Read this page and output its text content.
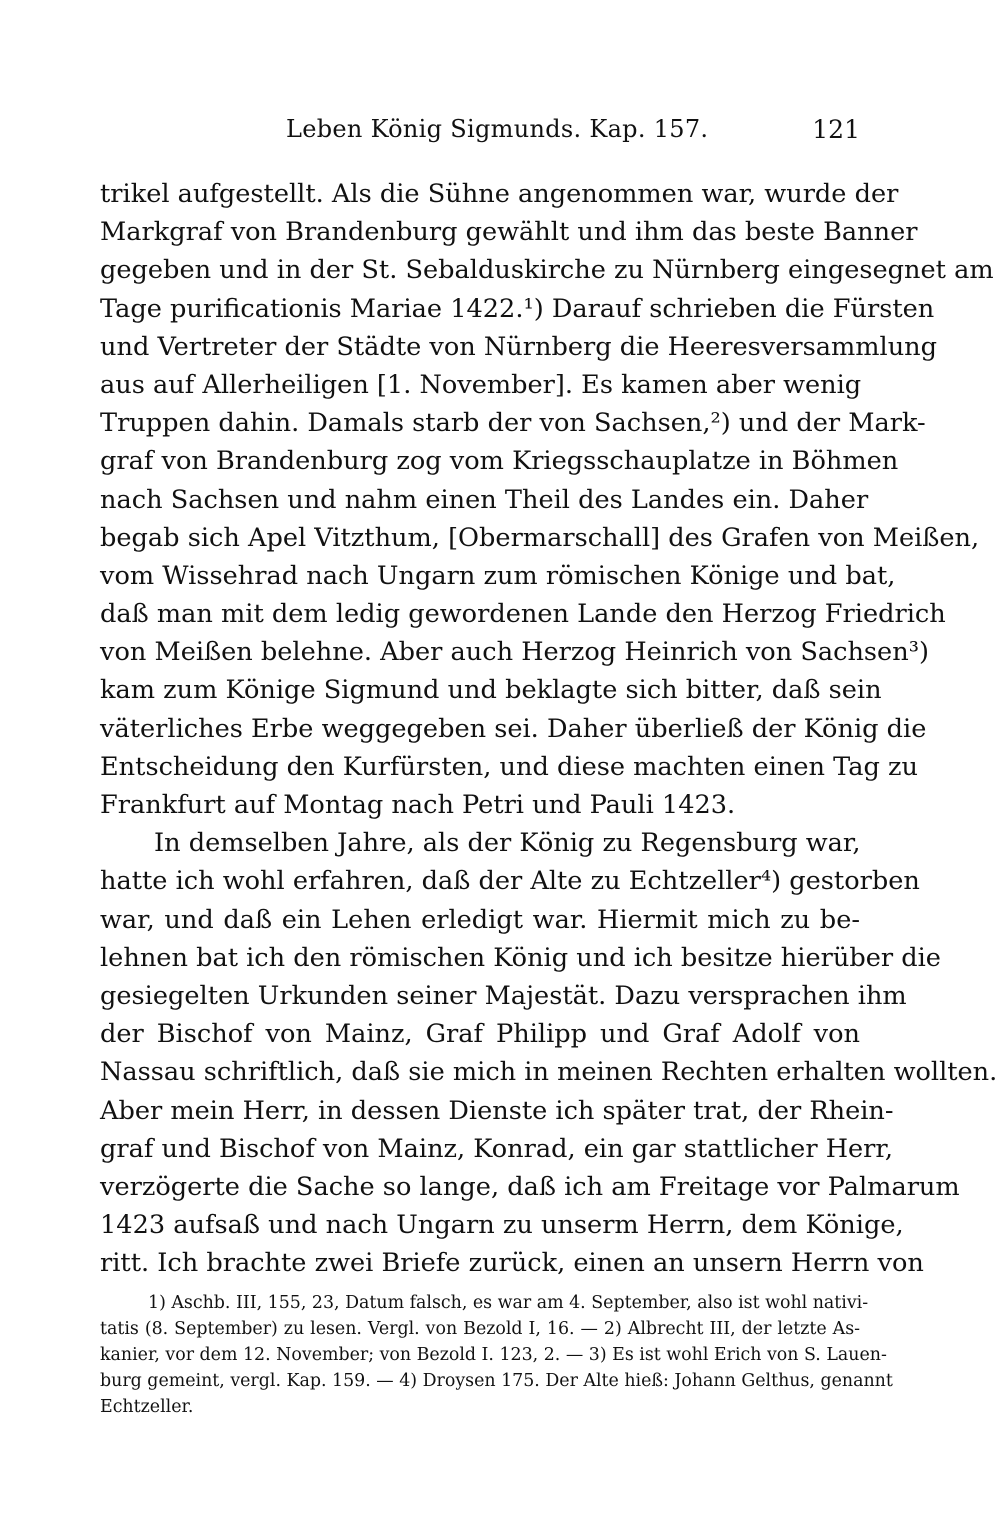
Leben König Sigmunds. Kap. 157.	121
trikel aufgestellt. Als die Sühne angenommen war, wurde der
Markgraf von Brandenburg gewählt und ihm das beste Banner
gegeben und in der St. Sebalduskirche zu Nürnberg eingesegnet am
Tage purificationis Mariae 1422.¹) Darauf schrieben die Fürsten
und Vertreter der Städte von Nürnberg die Heeresversammlung
aus auf Allerheiligen [1. November]. Es kamen aber wenig
Truppen dahin. Damals starb der von Sachsen,²) und der Mark-
graf von Brandenburg zog vom Kriegsschauplatze in Böhmen
nach Sachsen und nahm einen Theil des Landes ein. Daher
begab sich Apel Vitzthum, [Obermarschall] des Grafen von Meißen,
vom Wissehrad nach Ungarn zum römischen Könige und bat,
daß man mit dem ledig gewordenen Lande den Herzog Friedrich
von Meißen belehne. Aber auch Herzog Heinrich von Sachsen³)
kam zum Könige Sigmund und beklagte sich bitter, daß sein
väterliches Erbe weggegeben sei. Daher überließ der König die
Entscheidung den Kurfürsten, und diese machten einen Tag zu
Frankfurt auf Montag nach Petri und Pauli 1423.
In demselben Jahre, als der König zu Regensburg war,
hatte ich wohl erfahren, daß der Alte zu Echtzeller⁴) gestorben
war, und daß ein Lehen erledigt war. Hiermit mich zu be-
lehnen bat ich den römischen König und ich besitze hierüber die
gesiegelten Urkunden seiner Majestät. Dazu versprachen ihm
der Bischof von Mainz, Graf Philipp und Graf Adolf von
Nassau schriftlich, daß sie mich in meinen Rechten erhalten wollten.
Aber mein Herr, in dessen Dienste ich später trat, der Rhein-
graf und Bischof von Mainz, Konrad, ein gar stattlicher Herr,
verzögerte die Sache so lange, daß ich am Freitage vor Palmarum
1423 aufsaß und nach Ungarn zu unserm Herrn, dem Könige,
ritt. Ich brachte zwei Briefe zurück, einen an unsern Herrn von
1) Aschb. III, 155, 23, Datum falsch, es war am 4. September, also ist wohl nativi-
tatis (8. September) zu lesen. Vergl. von Bezold I, 16. — 2) Albrecht III, der letzte As-
kanier, vor dem 12. November; von Bezold I. 123, 2. — 3) Es ist wohl Erich von S. Lauen-
burg gemeint, vergl. Kap. 159. — 4) Droysen 175. Der Alte hieß: Johann Gelthus, genannt
Echtzeller.
